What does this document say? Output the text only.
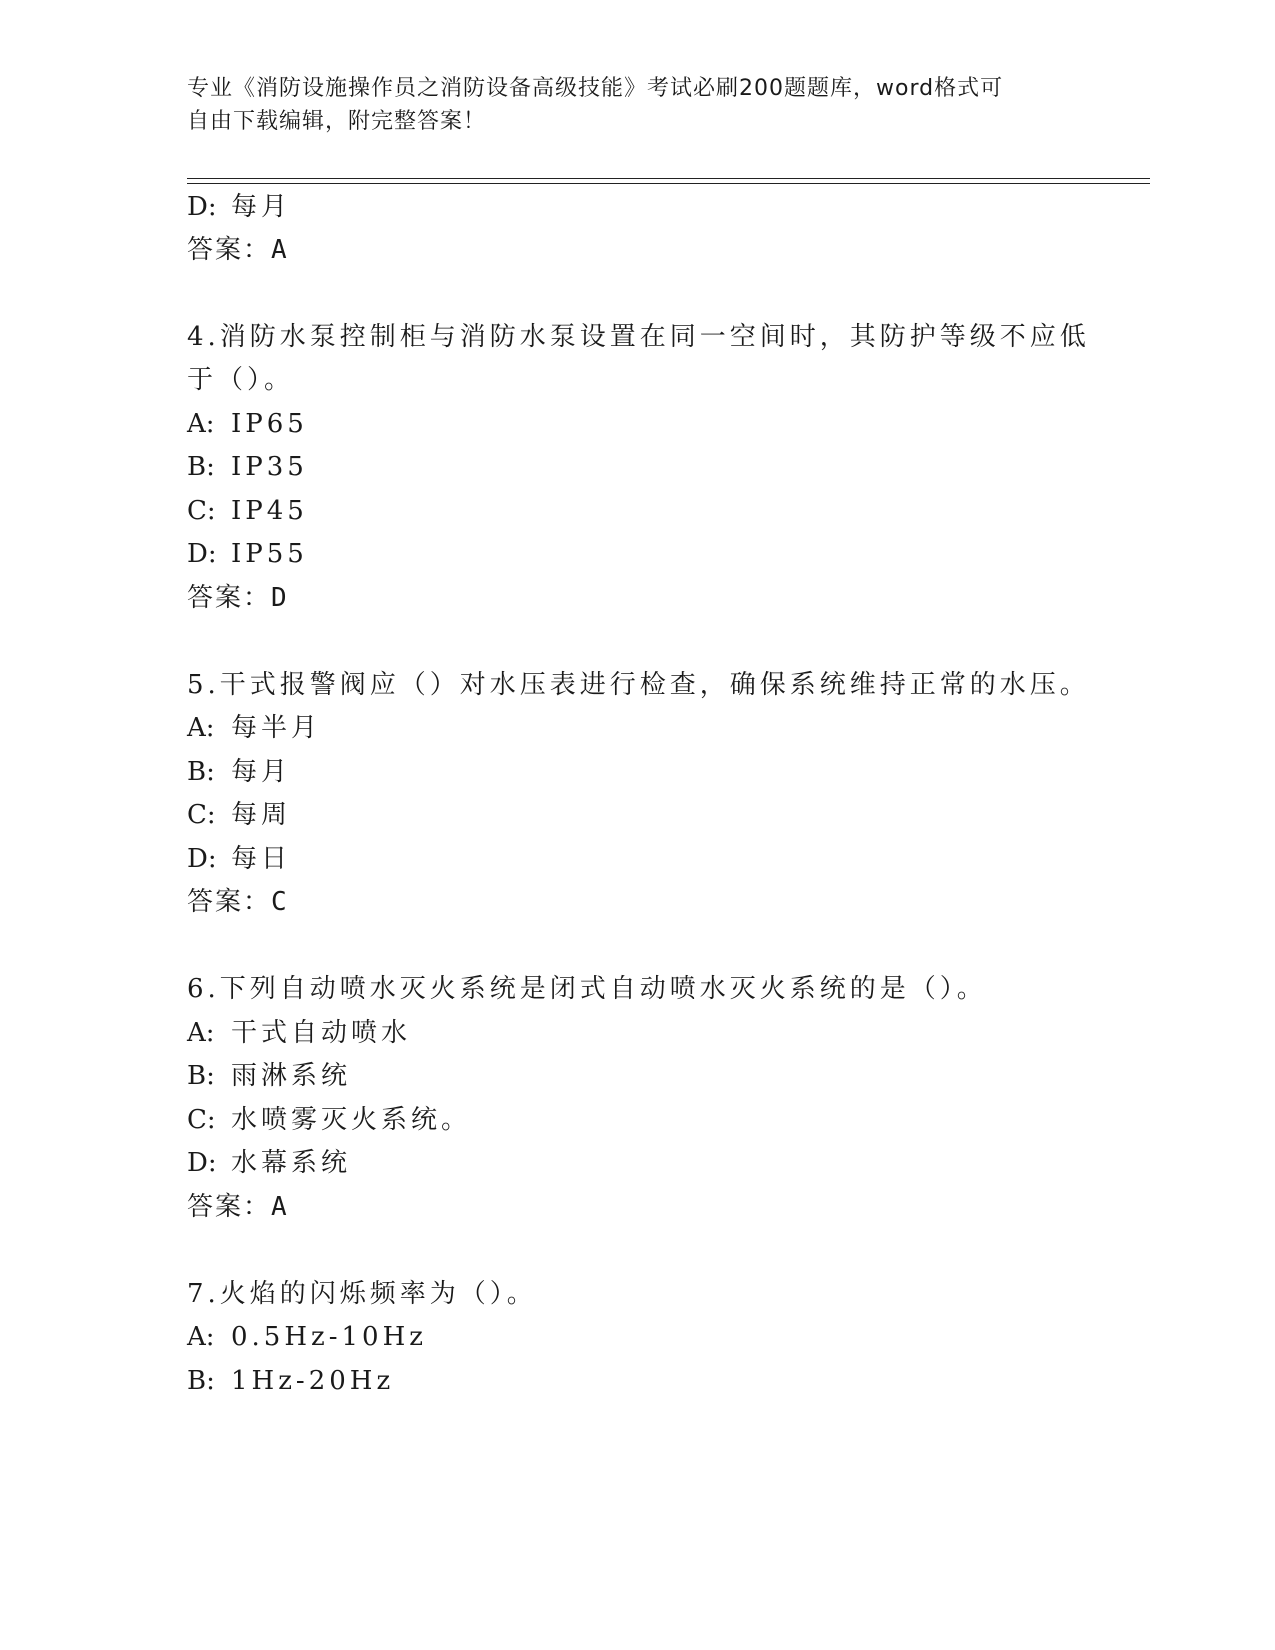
专业《消防设施操作员之消防设备高级技能》考试必刷200题题库，word格式可
自由下载编辑，附完整答案！
D: 每月
答案：A
4.消防水泵控制柜与消防水泵设置在同一空间时，其防护等级不应低
于（）。
A: IP65
B: IP35
C: IP45
D: IP55
答案：D
5.干式报警阀应（）对水压表进行检查，确保系统维持正常的水压。
A: 每半月
B: 每月
C: 每周
D: 每日
答案：C
6.下列自动喷水灭火系统是闭式自动喷水灭火系统的是（）。
A: 干式自动喷水
B: 雨淋系统
C: 水喷雾灭火系统。
D: 水幕系统
答案：A
7.火焰的闪烁频率为（）。
A: 0.5Hz-10Hz
B: 1Hz-20Hz
